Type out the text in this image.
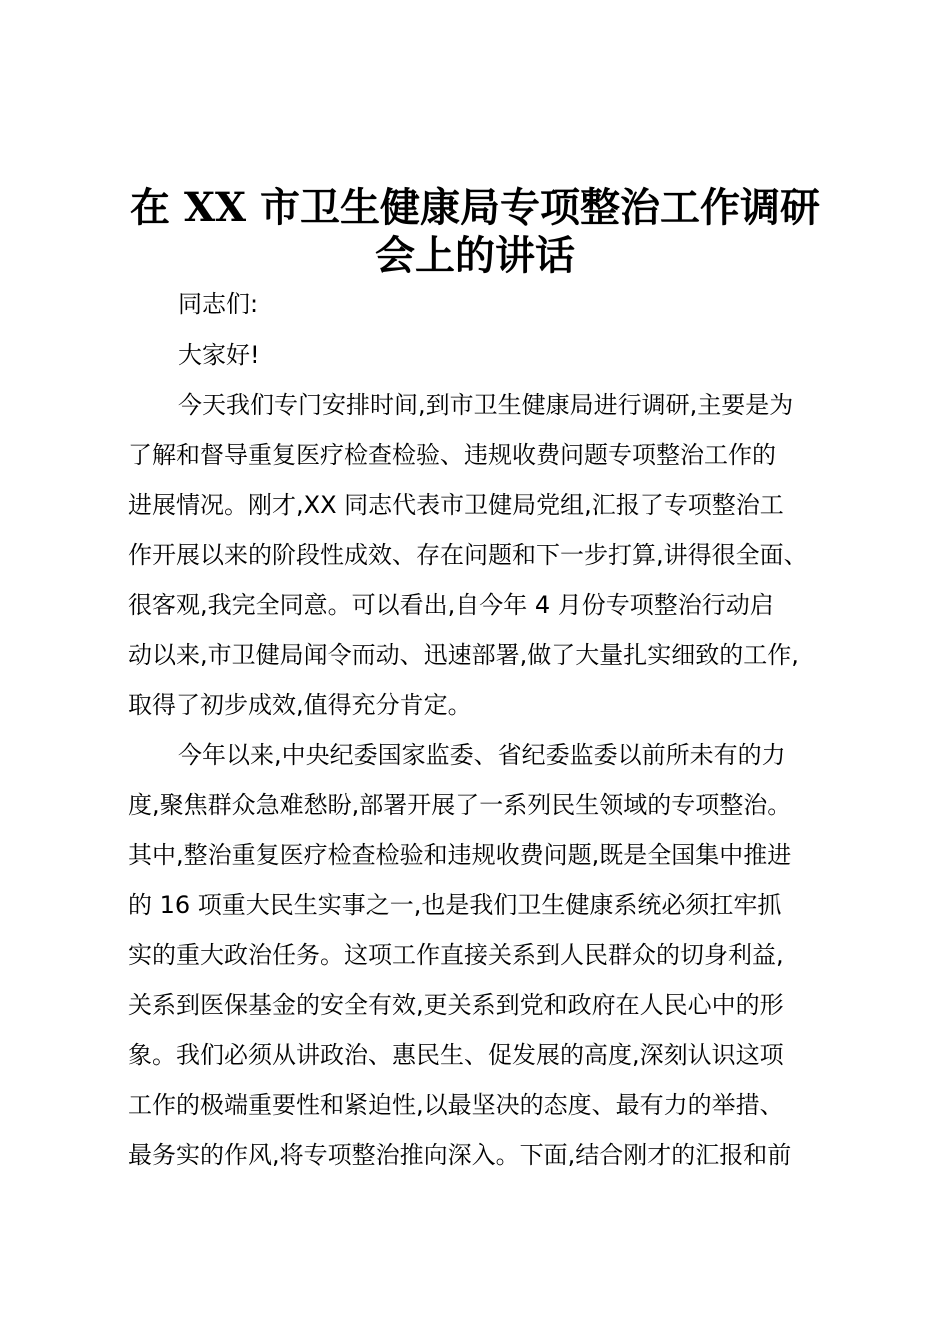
在 XX 市卫生健康局专项整治工作调研
会上的讲话
同志们:
大家好!
今天我们专门安排时间,到市卫生健康局进行调研,主要是为
了解和督导重复医疗检查检验、违规收费问题专项整治工作的
进展情况。刚才,XX 同志代表市卫健局党组,汇报了专项整治工
作开展以来的阶段性成效、存在问题和下一步打算,讲得很全面、
很客观,我完全同意。可以看出,自今年 4 月份专项整治行动启
动以来,市卫健局闻令而动、迅速部署,做了大量扎实细致的工作,
取得了初步成效,值得充分肯定。
今年以来,中央纪委国家监委、省纪委监委以前所未有的力
度,聚焦群众急难愁盼,部署开展了一系列民生领域的专项整治。
其中,整治重复医疗检查检验和违规收费问题,既是全国集中推进
的 16 项重大民生实事之一,也是我们卫生健康系统必须扛牢抓
实的重大政治任务。这项工作直接关系到人民群众的切身利益,
关系到医保基金的安全有效,更关系到党和政府在人民心中的形
象。我们必须从讲政治、惠民生、促发展的高度,深刻认识这项
工作的极端重要性和紧迫性,以最坚决的态度、最有力的举措、
最务实的作风,将专项整治推向深入。下面,结合刚才的汇报和前
